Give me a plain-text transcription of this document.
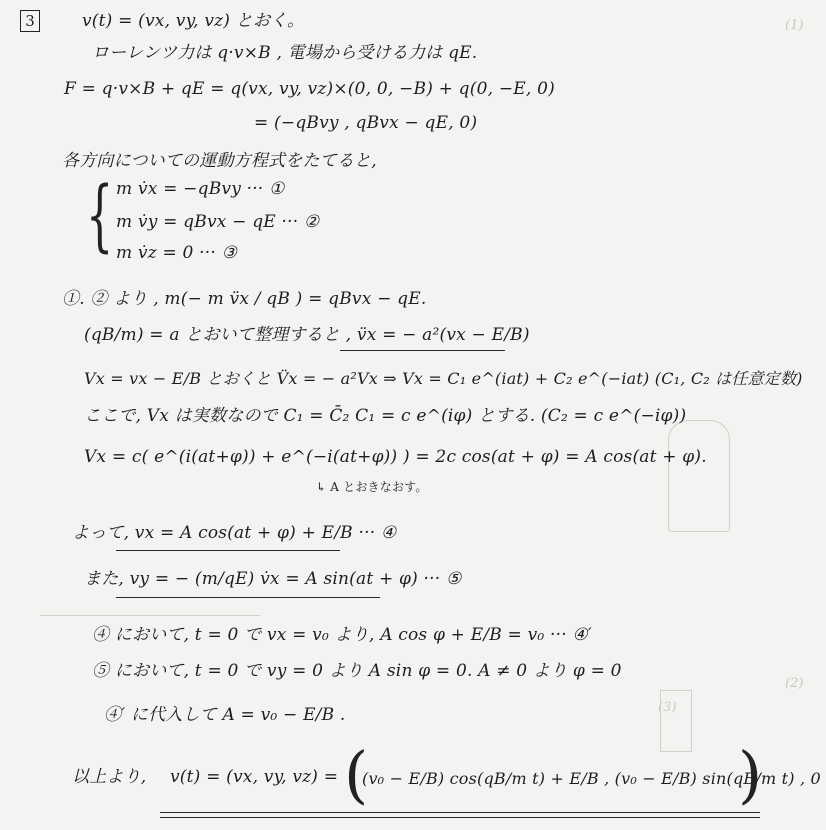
(1)
(2)
(3)
3	v(t) = (vx, vy, vz) とおく。
ローレンツ力は q·v×B , 電場から受ける力は qE.
F = q·v×B + qE = q(vx, vy, vz)×(0, 0, −B) + q(0, −E, 0)
= (−qBvy , qBvx − qE, 0)
各方向についての運動方程式をたてると,
{ m v̇x = −qBvy ··· ①
m v̇y = qBvx − qE ··· ②
m v̇z = 0 ··· ③
①. ② より , m(− m v̈x / qB ) = qBvx − qE.
(qB/m) = a とおいて整理すると , v̈x = − a²(vx − E/B)
Vx = vx − E/B とおくと V̈x = − a²Vx ⇒ Vx = C₁ e^(iat) + C₂ e^(−iat) (C₁, C₂ は任意定数)
ここで, Vx は実数なので C₁ = C̄₂ C₁ = c e^(iφ) とする. (C₂ = c e^(−iφ))
Vx = c( e^(i(at+φ)) + e^(−i(at+φ)) ) = 2c cos(at + φ) = A cos(at + φ).
↳ A とおきなおす。
よって, vx = A cos(at + φ) + E/B ··· ④
また, vy = − (m/qE) v̇x = A sin(at + φ) ··· ⑤
④ において, t = 0 で vx = v₀ より, A cos φ + E/B = v₀ ··· ④′
⑤ において, t = 0 で vy = 0 より A sin φ = 0. A ≠ 0 より φ = 0
④′ に代入して A = v₀ − E/B .
以上より, v(t) = (vx, vy, vz) = (
(v₀ − E/B) cos(qB/m t) + E/B , (v₀ − E/B) sin(qB/m t) , 0
)
